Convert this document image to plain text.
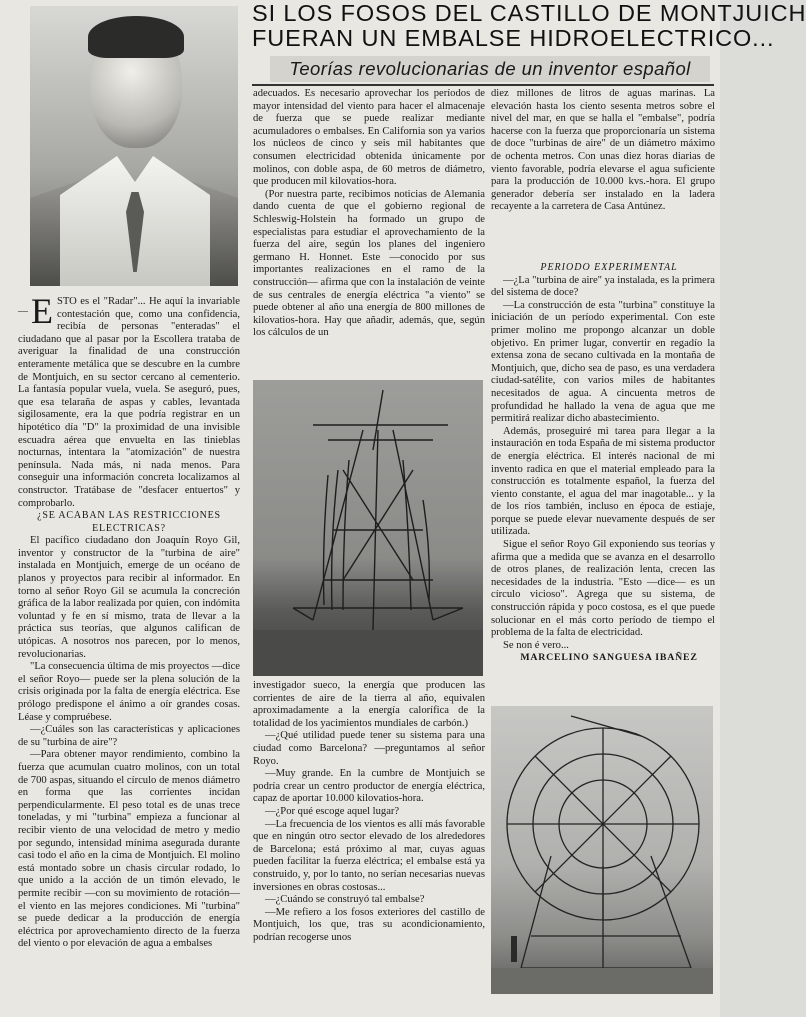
SI LOS FOSOS DEL CASTILLO DE MONTJUICH
FUERAN UN EMBALSE HIDROELECTRICO...
Teorías revolucionarias de un inventor español

— E STO es el "Radar"... He aquí la invariable contestación que, como una confidencia, recibía de personas "enteradas" el ciudadano que al pasar por la Escollera trataba de averiguar la finalidad de una construcción enteramente metálica que se descubre en la cumbre de Montjuich, en su sector cercano al cementerio. La fantasía popular vuela, vuela. Se aseguró, pues, que esa telaraña de aspas y cables, levantada sigilosamente, era la que podría registrar en un hipotético día "D" la proximidad de una invisible escuadra aérea que envuelta en las tinieblas nocturnas, intentara la "atomización" de nuestra península. Nada más, ni nada menos. Para conseguir una información concreta localizamos al constructor. Tratábase de "desfacer entuertos" y comprobarlo.

¿SE ACABAN LAS RESTRICCIONES ELECTRICAS?

El pacífico ciudadano don Joaquín Royo Gil, inventor y constructor de la "turbina de aire" instalada en Montjuich, emerge de un océano de planos y proyectos para recibir al informador. En torno al señor Royo Gil se acumula la concreción gráfica de la labor realizada por quien, con indómita voluntad y fe en sí mismo, trata de llevar a la práctica sus teorías, que algunos califican de utópicas. A nosotros nos parecen, por lo menos, revolucionarias.

"La consecuencia última de mis proyectos —dice el señor Royo— puede ser la plena solución de la crisis originada por la falta de energía eléctrica. Ese prólogo predispone el ánimo a oír grandes cosas. Léase y compruébese.

—¿Cuáles son las características y aplicaciones de su "turbina de aire"?

—Para obtener mayor rendimiento, combino la fuerza que acumulan cuatro molinos, con un total de 700 aspas, situando el círculo de menos diámetro en forma que las corrientes incidan perpendicularmente. El peso total es de unas trece toneladas, y mi "turbina" empieza a funcionar al recibir viento de una velocidad de metro y medio por segundo, intensidad mínima asegurada durante casi todo el año en la cima de Montjuich. El molino está montado sobre un chasis circular rodado, lo que unido a la acción de un timón elevado, le permite recibir —con su movimiento de rotación— el viento en las mejores condiciones. Mi "turbina" se puede dedicar a la producción de energía eléctrica por aprovechamiento directo de la fuerza del viento o por elevación de agua a embalses

adecuados. Es necesario aprovechar los períodos de mayor intensidad del viento para hacer el almacenaje de fuerza que se puede realizar mediante acumuladores o embalses. En California son ya varios los núcleos de cinco y seis mil habitantes que consumen electricidad obtenida únicamente por molinos, con doble aspa, de 60 metros de diámetro, que producen mil kilovatios-hora.

(Por nuestra parte, recibimos noticias de Alemania dando cuenta de que el gobierno regional de Schleswig-Holstein ha formado un grupo de especialistas para estudiar el aprovechamiento de la fuerza del aire, según los planes del ingeniero germano H. Honnet. Este —conocido por sus importantes realizaciones en el ramo de la construcción— afirma que con la instalación de veinte de sus centrales de energía eléctrica "a viento" se puede obtener al año una energía de 800 millones de kilovatios-hora. Hay que añadir, además, que, según los cálculos de un

investigador sueco, la energía que producen las corrientes de aire de la tierra al año, equivalen aproximadamente a la energía calorífica de la totalidad de los yacimientos mundiales de carbón.)

—¿Qué utilidad puede tener su sistema para una ciudad como Barcelona? —preguntamos al señor Royo.

—Muy grande. En la cumbre de Montjuich se podría crear un centro productor de energía eléctrica, capaz de aportar 10.000 kilovatios-hora.

—¿Por qué escoge aquel lugar?

—La frecuencia de los vientos es allí más favorable que en ningún otro sector elevado de los alrededores de Barcelona; está próximo al mar, cuyas aguas pueden facilitar la fuerza eléctrica; el embalse está ya construido, y, por lo tanto, no serían necesarias nuevas inversiones en obras costosas...

—¿Cuándo se construyó tal embalse?

—Me refiero a los fosos exteriores del castillo de Montjuich, los que, tras su acondicionamiento, podrían recogerse unos

diez millones de litros de aguas marinas. La elevación hasta los ciento sesenta metros sobre el nivel del mar, en que se halla el "embalse", podría hacerse con la fuerza que proporcionaría un sistema de doce "turbinas de aire" de un diámetro máximo de ochenta metros. Con unas diez horas diarias de viento favorable, podría elevarse el agua suficiente para la producción de 10.000 kvs.-hora. El grupo generador debería ser instalado en la ladera recayente a la carretera de Casa Antúnez.

PERIODO EXPERIMENTAL

—¿La "turbina de aire" ya instalada, es la primera del sistema de doce?

—La construcción de esta "turbina" constituye la iniciación de un período experimental. Con este primer molino me propongo alcanzar un doble objetivo. En primer lugar, convertir en regadío la extensa zona de secano cultivada en la montaña de Montjuich, que, dicho sea de paso, es una verdadera ciudad-satélite, con varios miles de habitantes necesitados de agua. A cincuenta metros de profundidad he hallado la vena de agua que me permitirá realizar dicho abastecimiento.

Además, proseguiré mi tarea para llegar a la instauración en toda España de mi sistema productor de energía eléctrica. El interés nacional de mi invento radica en que el material empleado para la construcción es totalmente español, la fuerza del viento constante, el agua del mar inagotable... y la de los ríos también, incluso en época de estiaje, porque se puede elevar nuevamente después de ser utilizada.

Sigue el señor Royo Gil exponiendo sus teorías y afirma que a medida que se avanza en el desarrollo de otros planes, de realización lenta, crecen las necesidades de la industria. "Esto —dice— es un círculo vicioso". Agrega que su sistema, de construcción rápida y poco costosa, es el que puede solucionar en el más corto período de tiempo el problema de la falta de electricidad.

Se non é vero...

MARCELINO SANGUESA IBAÑEZ
